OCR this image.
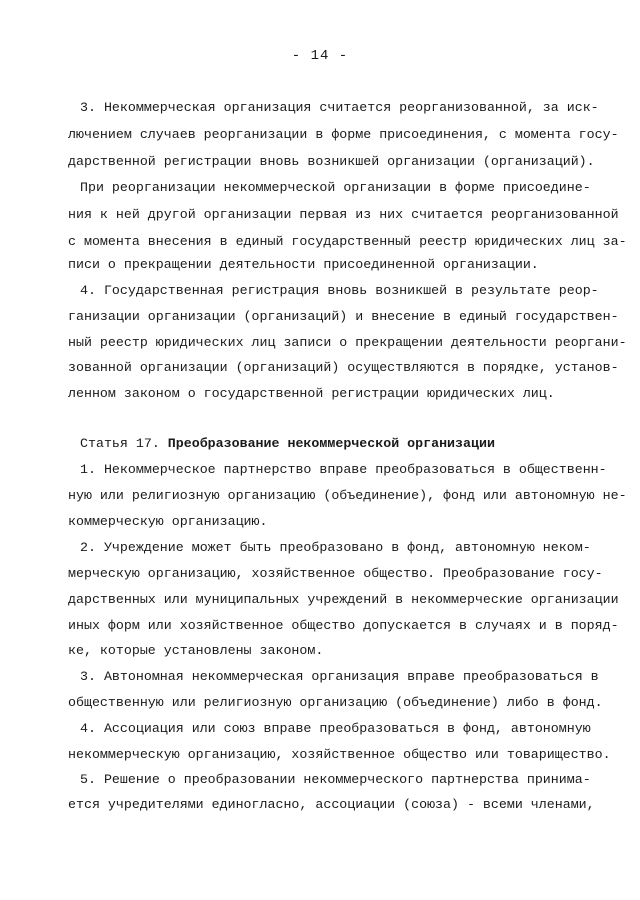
- 14 -
3. Некоммерческая организация считается реорганизованной, за иск-
лючением случаев реорганизации в форме присоединения, с момента госу-
дарственной регистрации вновь возникшей организации (организаций).
При реорганизации некоммерческой организации в форме присоедине-
ния к ней другой организации первая из них считается реорганизованной
с момента внесения в единый государственный реестр юридических лиц за-
писи о прекращении деятельности присоединенной организации.
4. Государственная регистрация вновь возникшей в результате реор-
ганизации организации (организаций) и внесение в единый государствен-
ный реестр юридических лиц записи о прекращении деятельности реоргани-
зованной организации (организаций) осуществляются в порядке, установ-
ленном законом о государственной регистрации юридических лиц.
Статья 17. Преобразование некоммерческой организации
1. Некоммерческое партнерство вправе преобразоваться в общественн-
ную или религиозную организацию (объединение), фонд или автономную не-
коммерческую организацию.
2. Учреждение может быть преобразовано в фонд, автономную неком-
мерческую организацию, хозяйственное общество. Преобразование госу-
дарственных или муниципальных учреждений в некоммерческие организации
иных форм или хозяйственное общество допускается в случаях и в поряд-
ке, которые установлены законом.
3. Автономная некоммерческая организация вправе преобразоваться в
общественную или религиозную организацию (объединение) либо в фонд.
4. Ассоциация или союз вправе преобразоваться в фонд, автономную
некоммерческую организацию, хозяйственное общество или товарищество.
5. Решение о преобразовании некоммерческого партнерства принима-
ется учредителями единогласно, ассоциации (союза) - всеми членами,
